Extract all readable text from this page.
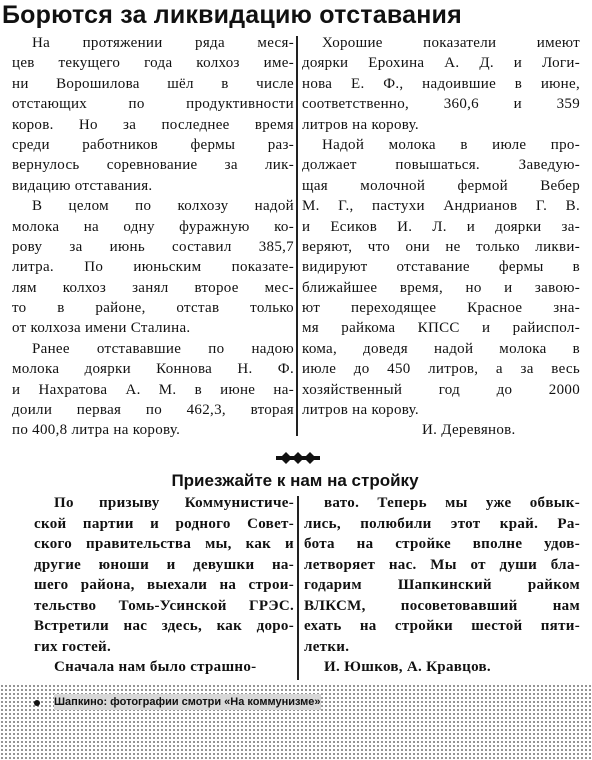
Борются за ликвидацию отставания

На протяжении ряда меся-
цев текущего года колхоз име-
ни Ворошилова шёл в числе
отстающих по продуктивности
коров. Но за последнее время
среди работников фермы раз-
вернулось соревнование за лик-
видацию отставания.

В целом по колхозу надой
молока на одну фуражную ко-
рову за июнь составил 385,7
литра. По июньским показате-
лям колхоз занял второе мес-
то в районе, отстав только
от колхоза имени Сталина.

Ранее отстававшие по надою
молока доярки Коннова Н. Ф.
и Нахратова А. М. в июне на-
доили первая по 462,3, вторая
по 400,8 литра на корову.

Хорошие показатели имеют
доярки Ерохина А. Д. и Логи-
нова Е. Ф., надоившие в июне,
соответственно, 360,6 и 359
литров на корову.

Надой молока в июле про-
должает повышаться. Заведую-
щая молочной фермой Вебер
М. Г., пастухи Андрианов Г. В.
и Есиков И. Л. и доярки за-
веряют, что они не только ликви-
видируют отставание фермы в
ближайшее время, но и завою-
ют переходящее Красное зна-
мя райкома КПСС и райиспол-
кома, доведя надой молока в
июле до 450 литров, а за весь
хозяйственный год до 2000
литров на корову.

И. Деревянов.
Приезжайте к нам на стройку

По призыву Коммунистиче-
ской партии и родного Совет-
ского правительства мы, как и
другие юноши и девушки на-
шего района, выехали на строи-
тельство Томь-Усинской ГРЭС.
Встретили нас здесь, как доро-
гих гостей.

Сначала нам было страшно-

вато. Теперь мы уже обвык-
лись, полюбили этот край. Ра-
бота на стройке вполне удов-
летворяет нас. Мы от души бла-
годарим Шапкинский райком
ВЛКСМ, посоветовавший нам
ехать на стройки шестой пяти-
летки.

И. Юшков, А. Кравцов.
Шапкино: фотографии смотри «На коммунизме»
